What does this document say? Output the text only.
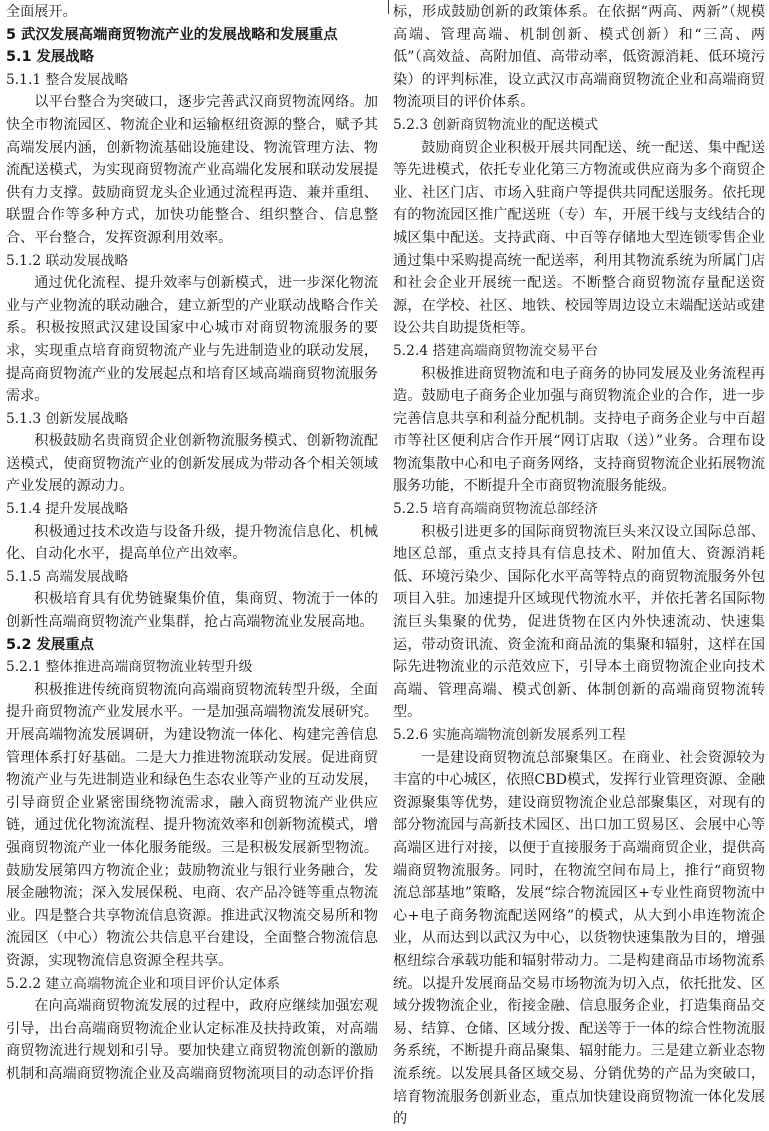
全面展开。

5 武汉发展高端商贸物流产业的发展战略和发展重点
5.1 发展战略
5.1.1 整合发展战略

以平台整合为突破口，逐步完善武汉商贸物流网络。加快全市物流园区、物流企业和运输枢纽资源的整合，赋予其高端发展内涵，创新物流基础设施建设、物流管理方法、物流配送模式，为实现商贸物流产业高端化发展和联动发展提供有力支撑。鼓励商贸龙头企业通过流程再造、兼并重组、联盟合作等多种方式，加快功能整合、组织整合、信息整合、平台整合，发挥资源利用效率。

5.1.2 联动发展战略

通过优化流程、提升效率与创新模式，进一步深化物流业与产业物流的联动融合，建立新型的产业联动战略合作关系。积极按照武汉建设国家中心城市对商贸物流服务的要求，实现重点培育商贸物流产业与先进制造业的联动发展，提高商贸物流产业的发展起点和培育区域高端商贸物流服务需求。

5.1.3 创新发展战略

积极鼓励名贵商贸企业创新物流服务模式、创新物流配送模式，使商贸物流产业的创新发展成为带动各个相关领域产业发展的源动力。

5.1.4 提升发展战略

积极通过技术改造与设备升级，提升物流信息化、机械化、自动化水平，提高单位产出效率。

5.1.5 高端发展战略

积极培育具有优势链聚集价值，集商贸、物流于一体的创新性高端商贸物流产业集群，抢占高端物流业发展高地。

5.2 发展重点
5.2.1 整体推进高端商贸物流业转型升级

积极推进传统商贸物流向高端商贸物流转型升级，全面提升商贸物流产业发展水平。一是加强高端物流发展研究。开展高端物流发展调研，为建设物流一体化、构建完善信息管理体系打好基础。二是大力推进物流联动发展。促进商贸物流产业与先进制造业和绿色生态农业等产业的互动发展，引导商贸企业紧密围绕物流需求，融入商贸物流产业供应链，通过优化物流流程、提升物流效率和创新物流模式，增强商贸物流产业一体化服务能级。三是积极发展新型物流。鼓励发展第四方物流企业；鼓励物流业与银行业务融合，发展金融物流；深入发展保税、电商、农产品冷链等重点物流业。四是整合共享物流信息资源。推进武汉物流交易所和物流园区（中心）物流公共信息平台建设，全面整合物流信息资源，实现物流信息资源全程共享。

5.2.2 建立高端物流企业和项目评价认定体系

在向高端商贸物流发展的过程中，政府应继续加强宏观引导，出台高端商贸物流企业认定标准及扶持政策，对高端商贸物流进行规划和引导。要加快建立商贸物流创新的激励机制和高端商贸物流企业及高端商贸物流项目的动态评价指

标，形成鼓励创新的政策体系。在依据“两高、两新”（规模高端、管理高端、机制创新、模式创新）和“三高、两低”（高效益、高附加值、高带动率，低资源消耗、低环境污染）的评判标准，设立武汉市高端商贸物流企业和高端商贸物流项目的评价体系。

5.2.3 创新商贸物流业的配送模式

鼓励商贸企业积极开展共同配送、统一配送、集中配送等先进模式，依托专业化第三方物流或供应商为多个商贸企业、社区门店、市场入驻商户等提供共同配送服务。依托现有的物流园区推广配送班（专）车，开展干线与支线结合的城区集中配送。支持武商、中百等存储地大型连锁零售企业通过集中采购提高统一配送率，利用其物流系统为所属门店和社会企业开展统一配送。不断整合商贸物流存量配送资源，在学校、社区、地铁、校园等周边设立末端配送站或建设公共自助提货柜等。

5.2.4 搭建高端商贸物流交易平台

积极推进商贸物流和电子商务的协同发展及业务流程再造。鼓励电子商务企业加强与商贸物流企业的合作，进一步完善信息共享和利益分配机制。支持电子商务企业与中百超市等社区便利店合作开展“网订店取（送）”业务。合理布设物流集散中心和电子商务网络，支持商贸物流企业拓展物流服务功能，不断提升全市商贸物流服务能级。

5.2.5 培育高端商贸物流总部经济

积极引进更多的国际商贸物流巨头来汉设立国际总部、地区总部，重点支持具有信息技术、附加值大、资源消耗低、环境污染少、国际化水平高等特点的商贸物流服务外包项目入驻。加速提升区域现代物流水平，并依托著名国际物流巨头集聚的优势，促进货物在区内外快速流动、快速集运，带动资讯流、资金流和商品流的集聚和辐射，这样在国际先进物流业的示范效应下，引导本土商贸物流企业向技术高端、管理高端、模式创新、体制创新的高端商贸物流转型。

5.2.6 实施高端物流创新发展系列工程

一是建设商贸物流总部聚集区。在商业、社会资源较为丰富的中心城区，依照CBD模式，发挥行业管理资源、金融资源聚集等优势，建设商贸物流企业总部聚集区，对现有的部分物流园与高新技术园区、出口加工贸易区、会展中心等高端区进行对接，以便于直接服务于高端商贸企业，提供高端商贸物流服务。同时，在物流空间布局上，推行“商贸物流总部基地”策略，发展“综合物流园区+专业性商贸物流中心+电子商务物流配送网络”的模式，从大到小串连物流企业，从而达到以武汉为中心，以货物快速集散为目的，增强枢纽综合承载功能和辐射带动力。二是构建商品市场物流系统。以提升发展商品交易市场物流为切入点，依托批发、区域分拨物流企业，衔接金融、信息服务企业，打造集商品交易、结算、仓储、区域分拨、配送等于一体的综合性物流服务系统，不断提升商品聚集、辐射能力。三是建立新业态物流系统。以发展具备区域交易、分销优势的产品为突破口，培育物流服务创新业态，重点加快建设商贸物流一体化发展的
